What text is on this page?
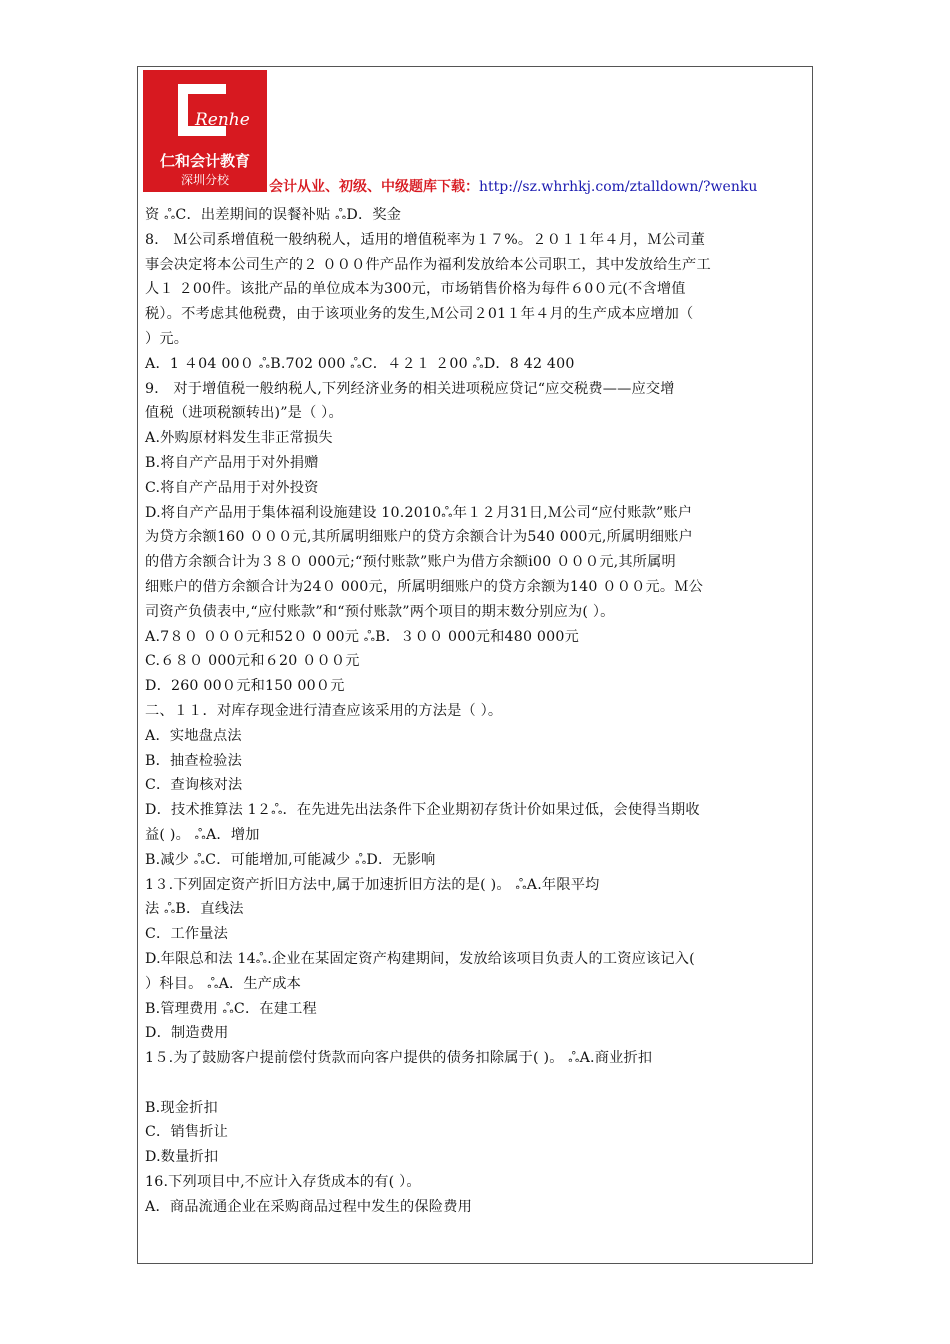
Renhe
仁和会计教育
深圳分校	会计从业、初级、中级题库下载：http://sz.whrhkj.com/ztalldown/?wenku
资 ஃC．出差期间的误餐补贴 ஃD．奖金
8． Ｍ公司系增值税一般纳税人，适用的增值税率为１７%。２０１１年４月，Ｍ公司董
事会决定将本公司生产的２ ０００件产品作为福利发放给本公司职工，其中发放给生产工
人１ ２00件。该批产品的单位成本为300元，市场销售价格为每件６0０元(不含增值
税）。不考虑其他税费，由于该项业务的发生,Ｍ公司２01１年４月的生产成本应增加（
）元。
A．1 ４04 00０ ஃB.702 000 ஃC．４２１ ２00 ஃD．8 42 400
9． 对于增值税一般纳税人,下列经济业务的相关进项税应贷记“应交税费——应交增
值税（进项税额转出)”是（ ）。
A.外购原材料发生非正常损失
B.将自产产品用于对外捐赠
C.将自产产品用于对外投资
D.将自产产品用于集体福利设施建设 10.2010ஃ年１２月31日,Ｍ公司“应付账款”账户
为贷方余额160 ０００元,其所属明细账户的贷方余额合计为540 000元,所属明细账户
的借方余额合计为３８０ 000元;“预付账款”账户为借方余额i00 ０００元,其所属明
细账户的借方余额合计为24０ 000元，所属明细账户的贷方余额为140 ０００元。Ｍ公
司资产负债表中,“应付账款”和“预付账款”两个项目的期末数分别应为( ）。
A.7８０ ０００元和52０ 0 00元 ஃB．３００ 000元和480 000元
C.６８０ 000元和６20 ０００元
D．260 00０元和150 00０元
二、１１．对库存现金进行清查应该采用的方法是（ ）。
A．实地盘点法
B．抽查检验法
C．查询核对法
D．技术推算法 1２ஃ．在先进先出法条件下企业期初存货计价如果过低，会使得当期收
益( )。 ஃA．增加
B.减少 ஃC．可能增加,可能减少 ஃD．无影响
1３.下列固定资产折旧方法中,属于加速折旧方法的是( )。 ஃA.年限平均
法 ஃB．直线法
C．工作量法
D.年限总和法 14ஃ.企业在某固定资产构建期间，发放给该项目负责人的工资应该记入(
）科目。 ஃA．生产成本
B.管理费用 ஃC．在建工程
D．制造费用
1５.为了鼓励客户提前偿付货款而向客户提供的债务扣除属于( )。 ஃA.商业折扣
B.现金折扣
C．销售折让
D.数量折扣
16.下列项目中,不应计入存货成本的有( ）。
A．商品流通企业在采购商品过程中发生的保险费用
